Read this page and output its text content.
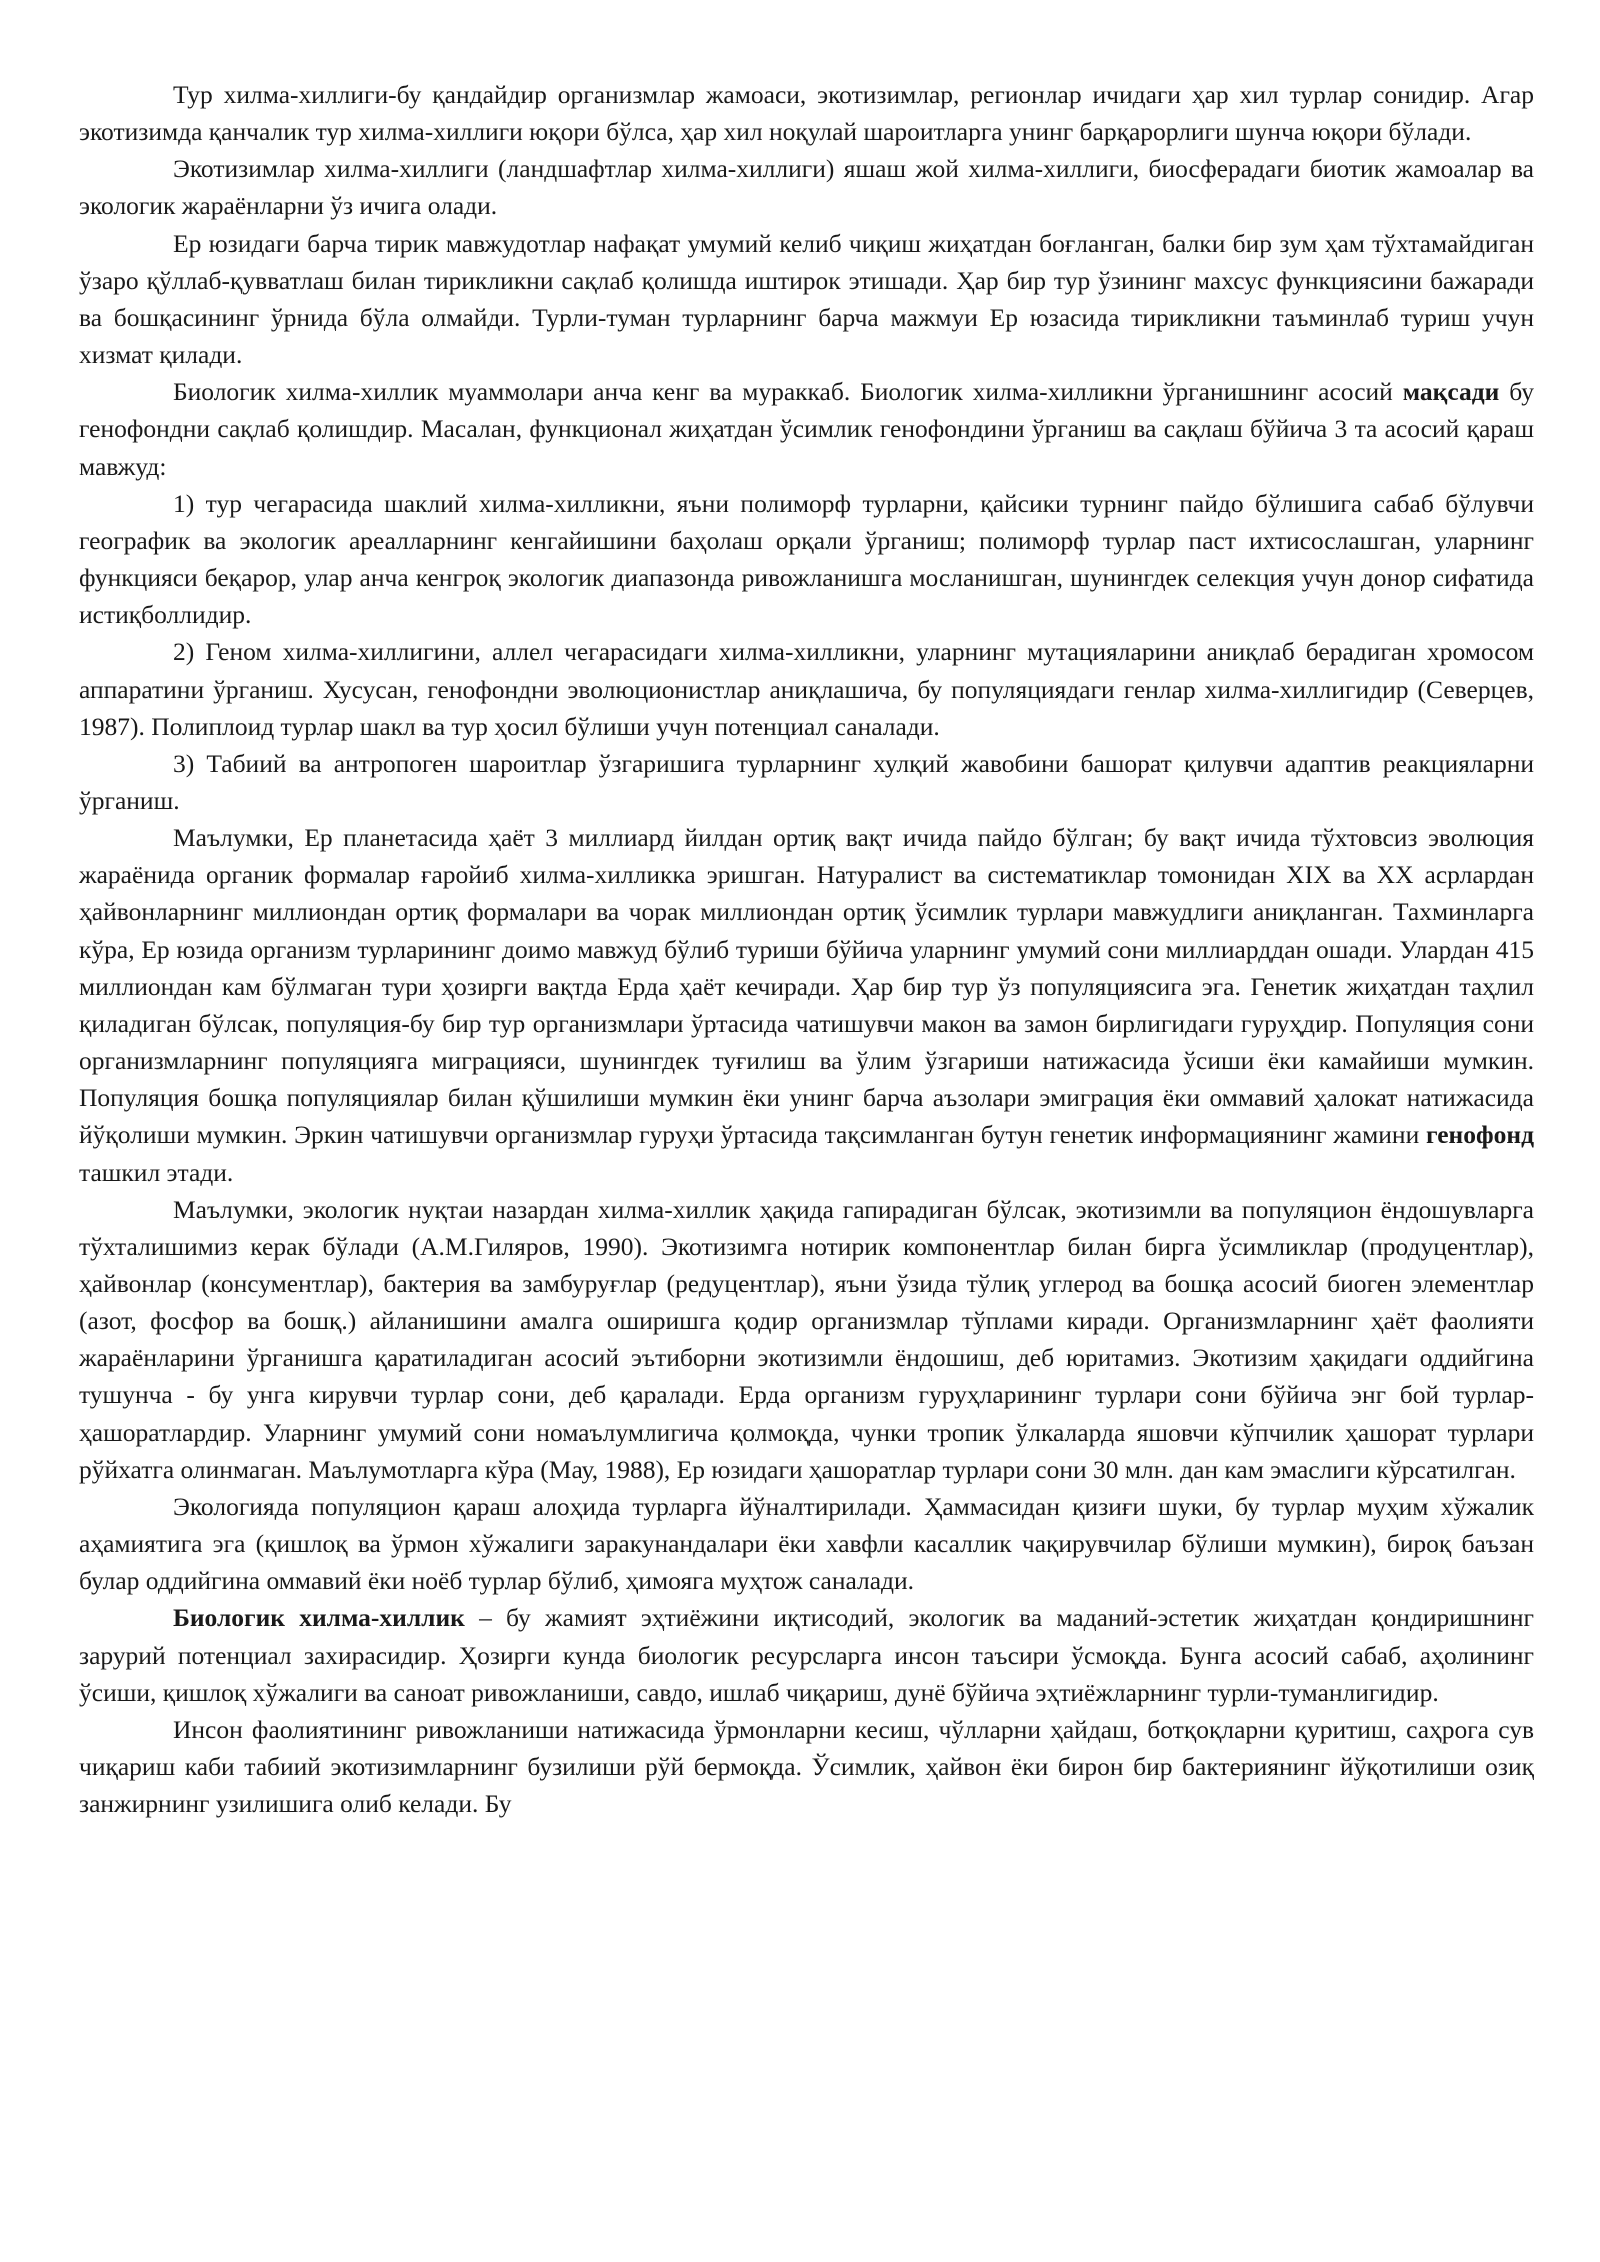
Тур хилма-хиллиги-бу қандайдир организмлар жамоаси, экотизимлар, регионлар ичидаги ҳар хил турлар сонидир. Агар экотизимда қанчалик тур хилма-хиллиги юқори бўлса, ҳар хил ноқулай шароитларга унинг барқарорлиги шунча юқори бўлади.

Экотизимлар хилма-хиллиги (ландшафтлар хилма-хиллиги) яшаш жой хилма-хиллиги, биосферадаги биотик жамоалар ва экологик жараёнларни ўз ичига олади.

Ер юзидаги барча тирик мавжудотлар нафақат умумий келиб чиқиш жиҳатдан боғланган, балки бир зум ҳам тўхтамайдиган ўзаро қўллаб-қувватлаш билан тирикликни сақлаб қолишда иштирок этишади. Ҳар бир тур ўзининг махсус функциясини бажаради ва бошқасининг ўрнида бўла олмайди. Турли-туман турларнинг барча мажмуи Ер юзасида тирикликни таъминлаб туриш учун хизмат қилади.

Биологик хилма-хиллик муаммолари анча кенг ва мураккаб. Биологик хилма-хилликни ўрганишнинг асосий мақсади бу генофондни сақлаб қолишдир. Масалан, функционал жиҳатдан ўсимлик генофондини ўрганиш ва сақлаш бўйича 3 та асосий қараш мавжуд:

1) тур чегарасида шаклий хилма-хилликни, яъни полиморф турларни, қайсики турнинг пайдо бўлишига сабаб бўлувчи географик ва экологик ареалларнинг кенгайишини баҳолаш орқали ўрганиш; полиморф турлар паст ихтисослашган, уларнинг функцияси беқарор, улар анча кенгроқ экологик диапазонда ривожланишга мосланишган, шунингдек селекция учун донор сифатида истиқболлидир.

2) Геном хилма-хиллигини, аллел чегарасидаги хилма-хилликни, уларнинг мутацияларини аниқлаб берадиган хромосом аппаратини ўрганиш. Хусусан, генофондни эволюционистлар аниқлашича, бу популяциядаги генлар хилма-хиллигидир (Северцев, 1987). Полиплоид турлар шакл ва тур ҳосил бўлиши учун потенциал саналади.

3) Табиий ва антропоген шароитлар ўзгаришига турларнинг хулқий жавобини башорат қилувчи адаптив реакцияларни ўрганиш.

Маълумки, Ер планетасида ҳаёт 3 миллиард йилдан ортиқ вақт ичида пайдо бўлган; бу вақт ичида тўхтовсиз эволюция жараёнида органик формалар ғаройиб хилма-хилликка эришган. Натуралист ва систематиклар томонидан XIX ва XX асрлардан ҳайвонларнинг миллиондан ортиқ формалари ва чорак миллиондан ортиқ ўсимлик турлари мавжудлиги аниқланган. Тахминларга кўра, Ер юзида организм турларининг доимо мавжуд бўлиб туриши бўйича уларнинг умумий сони миллиарддан ошади. Улардан 415 миллиондан кам бўлмаган тури ҳозирги вақтда Ерда ҳаёт кечиради. Ҳар бир тур ўз популяциясига эга. Генетик жиҳатдан таҳлил қиладиган бўлсак, популяция-бу бир тур организмлари ўртасида чатишувчи макон ва замон бирлигидаги гуруҳдир. Популяция сони организмларнинг популяцияга миграцияси, шунингдек туғилиш ва ўлим ўзгариши натижасида ўсиши ёки камайиши мумкин. Популяция бошқа популяциялар билан қўшилиши мумкин ёки унинг барча аъзолари эмиграция ёки оммавий ҳалокат натижасида йўқолиши мумкин. Эркин чатишувчи организмлар гуруҳи ўртасида тақсимланган бутун генетик информациянинг жамини генофонд ташкил этади.

Маълумки, экологик нуқтаи назардан хилма-хиллик ҳақида гапирадиган бўлсак, экотизимли ва популяцион ёндошувларга тўхталишимиз керак бўлади (А.М.Гиляров, 1990). Экотизимга нотирик компонентлар билан бирга ўсимликлар (продуцентлар), ҳайвонлар (консументлар), бактерия ва замбуруғлар (редуцентлар), яъни ўзида тўлиқ углерод ва бошқа асосий биоген элементлар (азот, фосфор ва бошқ.) айланишини амалга оширишга қодир организмлар тўплами киради. Организмларнинг ҳаёт фаолияти жараёнларини ўрганишга қаратиладиган асосий эътиборни экотизимли ёндошиш, деб юритамиз. Экотизим ҳақидаги оддийгина тушунча - бу унга кирувчи турлар сони, деб қаралади. Ерда организм гуруҳларининг турлари сони бўйича энг бой турлар-ҳашоратлардир. Уларнинг умумий сони номаълумлигича қолмоқда, чунки тропик ўлкаларда яшовчи кўпчилик ҳашорат турлари рўйхатга олинмаган. Маълумотларга кўра (Мау, 1988), Ер юзидаги ҳашоратлар турлари сони 30 млн. дан кам эмаслиги кўрсатилган.

Экологияда популяцион қараш алоҳида турларга йўналтирилади. Ҳаммасидан қизиғи шуки, бу турлар муҳим хўжалик аҳамиятига эга (қишлоқ ва ўрмон хўжалиги заракунандалари ёки хавфли касаллик чақирувчилар бўлиши мумкин), бироқ баъзан булар оддийгина оммавий ёки ноёб турлар бўлиб, ҳимояга муҳтож саналади.

Биологик хилма-хиллик – бу жамият эҳтиёжини иқтисодий, экологик ва маданий-эстетик жиҳатдан қондиришнинг зарурий потенциал захирасидир. Ҳозирги кунда биологик ресурсларга инсон таъсири ўсмоқда. Бунга асосий сабаб, аҳолининг ўсиши, қишлоқ хўжалиги ва саноат ривожланиши, савдо, ишлаб чиқариш, дунё бўйича эҳтиёжларнинг турли-туманлигидир.

Инсон фаолиятининг ривожланиши натижасида ўрмонларни кесиш, чўлларни ҳайдаш, ботқоқларни қуритиш, саҳрога сув чиқариш каби табиий экотизимларнинг бузилиши рўй бермоқда. Ўсимлик, ҳайвон ёки бирон бир бактериянинг йўқотилиши озиқ занжирнинг узилишига олиб келади. Бу
